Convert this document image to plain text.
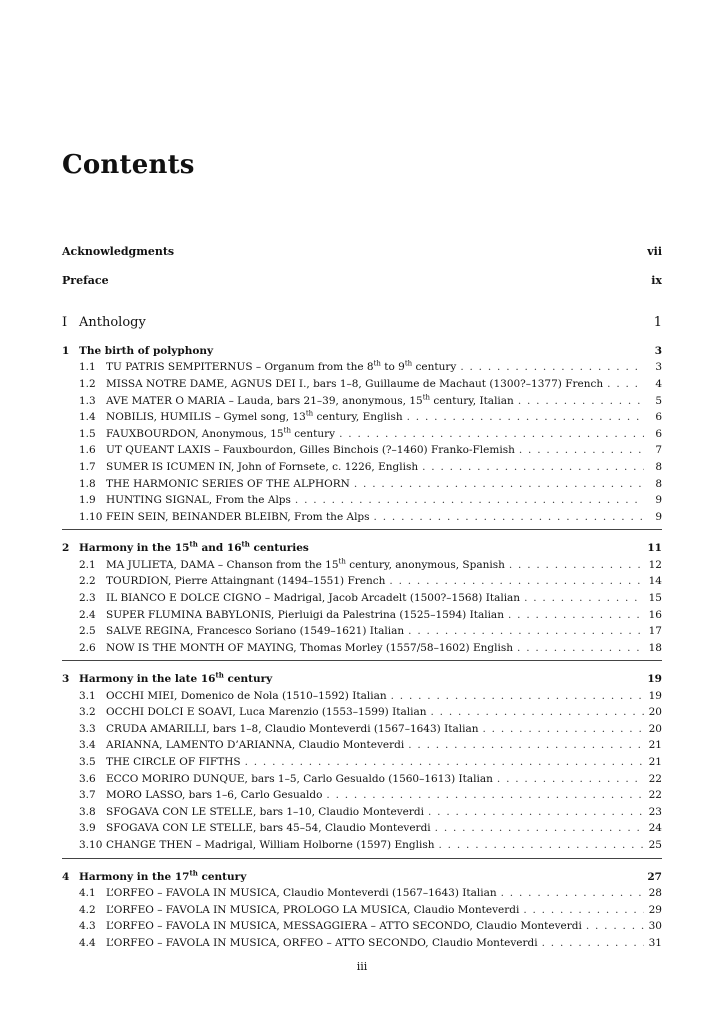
Contents
Acknowledgments	vii
Preface	ix
I Anthology	1
1 The birth of polyphony	3
1.1 TU PATRIS SEMPITERNUS – Organum from the 8th to 9th century . . .	3
1.2 MISSA NOTRE DAME, AGNUS DEI I., bars 1–8, Guillaume de Machaut (1300?–1377) French . . .	4
1.3 AVE MATER O MARIA – Lauda, bars 21–39, anonymous, 15th century, Italian . . .	5
1.4 NOBILIS, HUMILIS – Gymel song, 13th century, English . . .	6
1.5 FAUXBOURDON, Anonymous, 15th century . . .	6
1.6 UT QUEANT LAXIS – Fauxbourdon, Gilles Binchois (?–1460) Franko-Flemish . . .	7
1.7 SUMER IS ICUMEN IN, John of Fornsete, c. 1226, English . . .	8
1.8 THE HARMONIC SERIES OF THE ALPHORN . . .	8
1.9 HUNTING SIGNAL, From the Alps . . .	9
1.10 FEIN SEIN, BEINANDER BLEIBN, From the Alps . . .	9
2 Harmony in the 15th and 16th centuries	11
2.1 MA JULIETA, DAMA – Chanson from the 15th century, anonymous, Spanish . . .	12
2.2 TOURDION, Pierre Attaingnant (1494–1551) French . . .	14
2.3 IL BIANCO E DOLCE CIGNO – Madrigal, Jacob Arcadelt (1500?–1568) Italian . . .	15
2.4 SUPER FLUMINA BABYLONIS, Pierluigi da Palestrina (1525–1594) Italian . . .	16
2.5 SALVE REGINA, Francesco Soriano (1549–1621) Italian . . .	17
2.6 NOW IS THE MONTH OF MAYING, Thomas Morley (1557/58–1602) English . . .	18
3 Harmony in the late 16th century	19
3.1 OCCHI MIEI, Domenico de Nola (1510–1592) Italian . . .	19
3.2 OCCHI DOLCI E SOAVI, Luca Marenzio (1553–1599) Italian . . .	20
3.3 CRUDA AMARILLI, bars 1–8, Claudio Monteverdi (1567–1643) Italian . . .	20
3.4 ARIANNA, LAMENTO D’ARIANNA, Claudio Monteverdi . . .	21
3.5 THE CIRCLE OF FIFTHS . . .	21
3.6 ECCO MORIRO DUNQUE, bars 1–5, Carlo Gesualdo (1560–1613) Italian . . .	22
3.7 MORO LASSO, bars 1–6, Carlo Gesualdo . . .	22
3.8 SFOGAVA CON LE STELLE, bars 1–10, Claudio Monteverdi . . .	23
3.9 SFOGAVA CON LE STELLE, bars 45–54, Claudio Monteverdi . . .	24
3.10 CHANGE THEN – Madrigal, William Holborne (1597) English . . .	25
4 Harmony in the 17th century	27
4.1 L’ORFEO – FAVOLA IN MUSICA, Claudio Monteverdi (1567–1643) Italian . . .	28
4.2 L’ORFEO – FAVOLA IN MUSICA, PROLOGO LA MUSICA, Claudio Monteverdi . . .	29
4.3 L’ORFEO – FAVOLA IN MUSICA, MESSAGGIERA – ATTO SECONDO, Claudio Monteverdi . . .	30
4.4 L’ORFEO – FAVOLA IN MUSICA, ORFEO – ATTO SECONDO, Claudio Monteverdi . . .	31
iii
